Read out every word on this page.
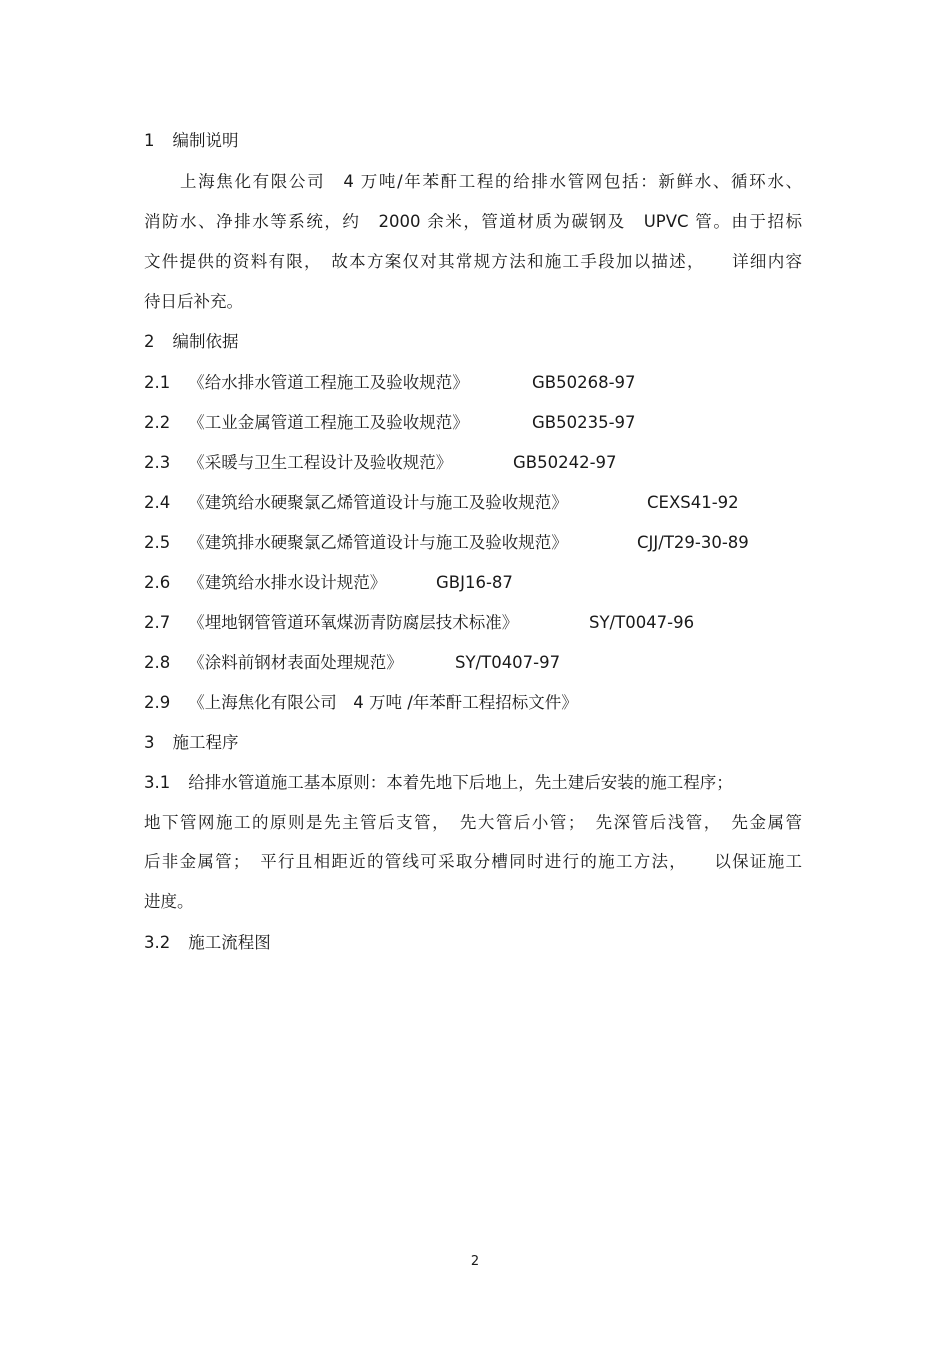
1 编制说明
上海焦化有限公司　4 万吨/年苯酐工程的给排水管网包括：新鲜水、循环水、
消防水、净排水等系统，约　2000 余米，管道材质为碳钢及　UPVC 管。由于招标
文件提供的资料有限，　故本方案仅对其常规方法和施工手段加以描述，　　详细内容
待日后补充。
2 编制依据
2.1 《给水排水管道工程施工及验收规范》	GB50268-97
2.2 《工业金属管道工程施工及验收规范》	GB50235-97
2.3 《采暖与卫生工程设计及验收规范》	GB50242-97
2.4 《建筑给水硬聚氯乙烯管道设计与施工及验收规范》	CEXS41-92
2.5 《建筑排水硬聚氯乙烯管道设计与施工及验收规范》	CJJ/T29-30-89
2.6 《建筑给水排水设计规范》	GBJ16-87
2.7 《埋地钢管管道环氧煤沥青防腐层技术标准》	SY/T0047-96
2.8 《涂料前钢材表面处理规范》	SY/T0407-97
2.9 《上海焦化有限公司　4 万吨 /年苯酐工程招标文件》
3 施工程序
3.1 给排水管道施工基本原则：本着先地下后地上，先土建后安装的施工程序；
地下管网施工的原则是先主管后支管，　先大管后小管；　先深管后浅管，　先金属管
后非金属管；　平行且相距近的管线可采取分槽同时进行的施工方法，　　以保证施工
进度。
3.2 施工流程图
2
